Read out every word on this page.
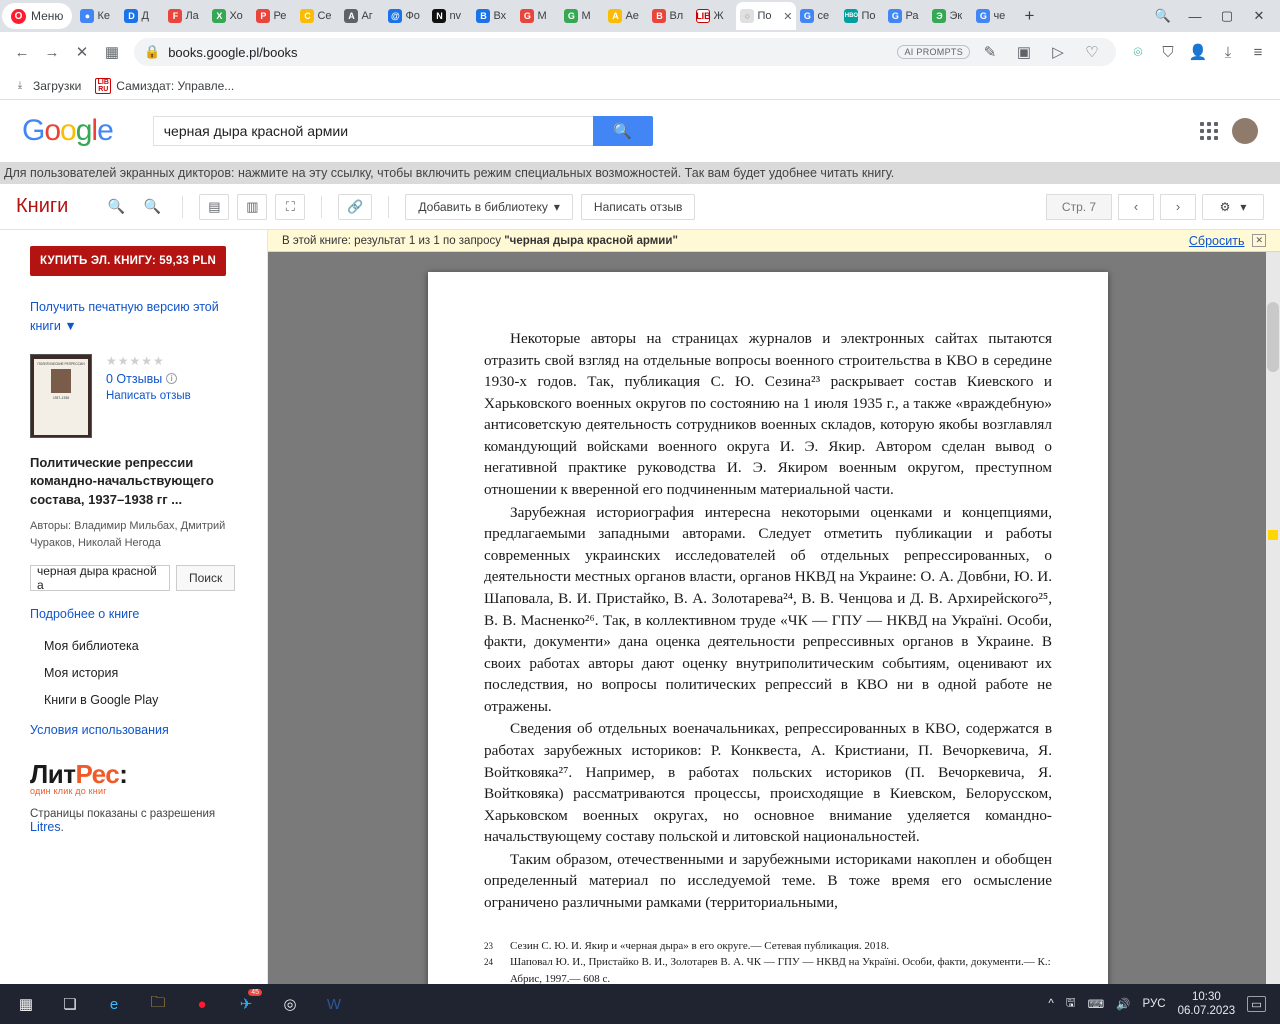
O Меню	● Ке	D Д	F Ла	X Хо	P Ре	С Се	A Аг @ Фо	N nv	B Вх	G М	G М	A Ае	B Вл LIB Ж	○ По ✕	G се	HBO По	G Ра	Э Эк	G че	+	🔍	—	▢	✕
←	→	✕	▦	🔒 books.google.pl/books	AI PROMPTS	✎	▣	▷	♡	⌾	⛉	👤	⤓	≡
⤓ Загрузки	LIB
RU Самиздат: Управле...
Google	черная дыра красной армии	🔍
Для пользователей экранных дикторов: нажмите на эту ссылку, чтобы включить режим специальных возможностей. Так вам будет удобнее читать книгу.
Книги	🔍	🔍	▤	▥	⛶	🔗	Добавить в библиотеку ▾	Написать отзыв	Стр. 7	‹	›	⚙ ▾
КУПИТЬ ЭЛ. КНИГУ: 59,33 PLN
Получить печатную версию этой книги ▼
ПОЛИТИЧЕСКИЕ РЕПРЕССИИ
1937–1938
★★★★★
0 Отзывы	i
Написать отзыв
Политические репрессии командно-начальствующего состава, 1937–1938 гг ...
Авторы: Владимир Мильбах, Дмитрий Чураков, Николай Негода
черная дыра красной а	Поиск
Подробнее о книге
Моя библиотека
Моя история
Книги в Google Play
Условия использования
ЛитРес:
один клик до книг
Страницы показаны с разрешения Litres.
В этой книге: результат 1 из 1 по запросу
"черная дыра красной армии"	Сбросить	✕

Некоторые авторы на страницах журналов и электронных сайтах пытаются отразить свой взгляд на отдельные вопросы военного строительства в КВО в середине 1930-х годов. Так, публикация С. Ю. Сезина²³ раскрывает состав Киевского и Харьковского военных округов по состоянию на 1 июля 1935 г., а также «враждебную» антисоветскую деятельность сотрудников военных складов, которую якобы возглавлял командующий войсками военного округа И. Э. Якир. Автором сделан вывод о негативной практике руководства И. Э. Якиром военным округом, преступном отношении к вверенной его подчиненным материальной части.

Зарубежная историография интересна некоторыми оценками и концепциями, предлагаемыми западными авторами. Следует отметить публикации и работы современных украинских исследователей об отдельных репрессированных, о деятельности местных органов власти, органов НКВД на Украине: О. А. Довбни, Ю. И. Шаповала, В. И. Пристайко, В. А. Золотарева²⁴, В. В. Ченцова и Д. В. Архирейского²⁵, В. В. Масненко²⁶. Так, в коллективном труде «ЧК — ГПУ — НКВД на Україні. Особи, факти, документи» дана оценка деятельности репрессивных органов в Украине. В своих работах авторы дают оценку внутриполитическим событиям, оценивают их последствия, но вопросы политических репрессий в КВО ни в одной работе не отражены.

Сведения об отдельных военачальниках, репрессированных в КВО, содержатся в работах зарубежных историков: Р. Конквеста, А. Кристиани, П. Вечоркевича, Я. Войтковяка²⁷. Например, в работах польских историков (П. Вечоркевича, Я. Войтковяка) рассматриваются процессы, происходящие в Киевском, Белорусском, Харьковском военных округах, но основное внимание уделяется командно-начальствующему составу польской и литовской национальностей.

Таким образом, отечественными и зарубежными историками накоплен и обобщен определенный материал по исследуемой теме. В тоже время его осмысление ограничено различными рамками (территориальными,

23	Сезин С. Ю. И. Якир и «черная дыра» в его округе.— Сетевая публикация. 2018.
24	Шаповал Ю. И., Пристайко В. И., Золотарев В. А. ЧК — ГПУ — НКВД на Україні. Особи, факти, документи.— К.: Абрис, 1997.— 608 с.
▦	❏	e	🗀	●	✈
45
◎	W	^ 🖫 ⌨ 🔊 РУС
10:30
06.07.2023	▭
